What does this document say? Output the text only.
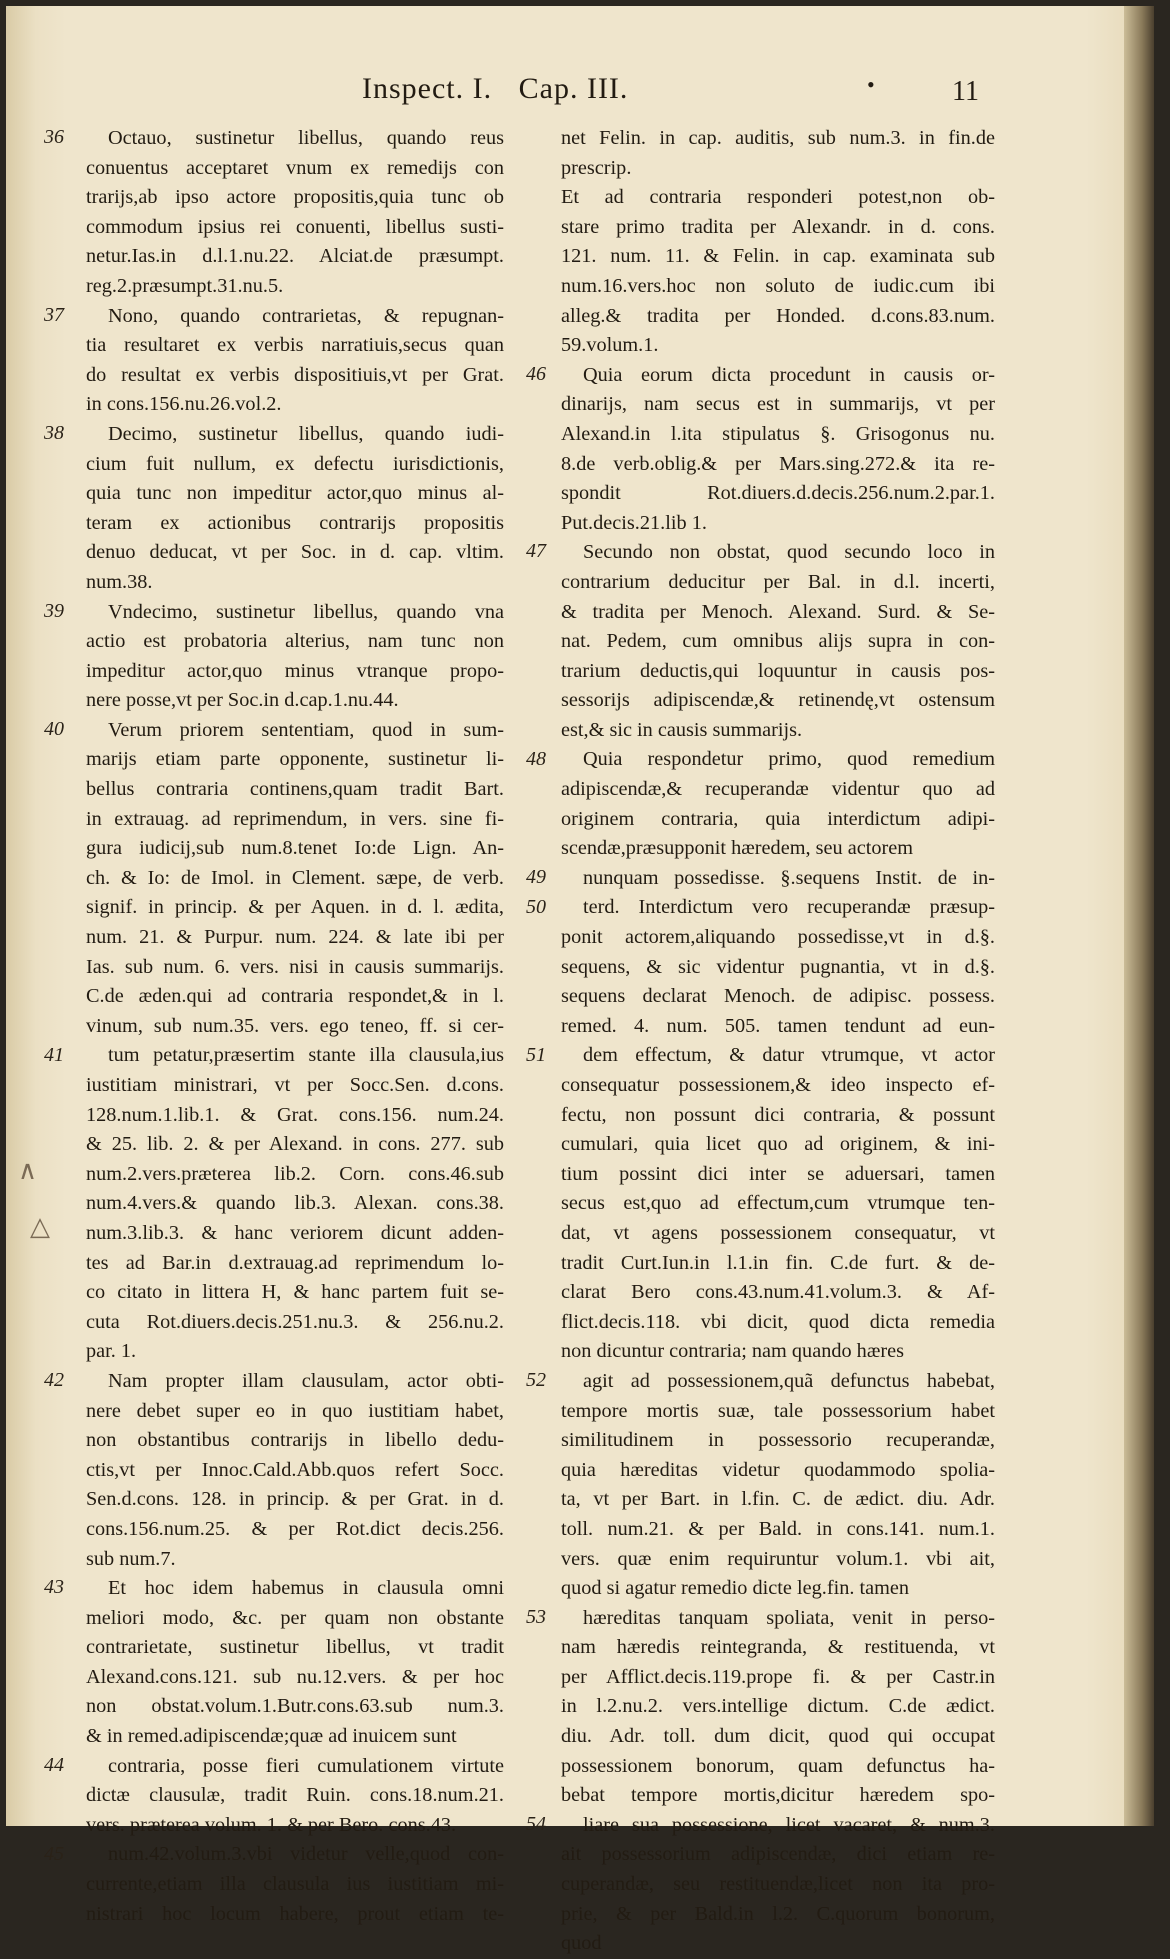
Inspect. I. Cap. III.	•	11
Octauo, sustinetur libellus, quando reus
conuentus acceptaret vnum ex remedijs con
trarijs,ab ipso actore propositis,quia tunc ob
commodum ipsius rei conuenti, libellus susti-
netur.Ias.in d.l.1.nu.22. Alciat.de præsumpt.
reg.2.præsumpt.31.nu.5.
Nono, quando contrarietas, & repugnan-
tia resultaret ex verbis narratiuis,secus quan
do resultat ex verbis dispositiuis,vt per Grat.
in cons.156.nu.26.vol.2.
Decimo, sustinetur libellus, quando iudi-
cium fuit nullum, ex defectu iurisdictionis,
quia tunc non impeditur actor,quo minus al-
teram ex actionibus contrarijs propositis
denuo deducat, vt per Soc. in d. cap. vltim.
num.38.
Vndecimo, sustinetur libellus, quando vna
actio est probatoria alterius, nam tunc non
impeditur actor,quo minus vtranque propo-
nere posse,vt per Soc.in d.cap.1.nu.44.
Verum priorem sententiam, quod in sum-
marijs etiam parte opponente, sustinetur li-
bellus contraria continens,quam tradit Bart.
in extrauag. ad reprimendum, in vers. sine fi-
gura iudicij,sub num.8.tenet Io:de Lign. An-
ch. & Io: de Imol. in Clement. sæpe, de verb.
signif. in princip. & per Aquen. in d. l. ædita,
num. 21. & Purpur. num. 224. & late ibi per
Ias. sub num. 6. vers. nisi in causis summarijs.
C.de æden.qui ad contraria respondet,& in l.
vinum, sub num.35. vers. ego teneo, ff. si cer-
tum petatur,præsertim stante illa clausula,ius
iustitiam ministrari, vt per Socc.Sen. d.cons.
128.num.1.lib.1. & Grat. cons.156. num.24.
& 25. lib. 2. & per Alexand. in cons. 277. sub
num.2.vers.præterea lib.2. Corn. cons.46.sub
num.4.vers.& quando lib.3. Alexan. cons.38.
num.3.lib.3. & hanc veriorem dicunt adden-
tes ad Bar.in d.extrauag.ad reprimendum lo-
co citato in littera H, & hanc partem fuit se-
cuta Rot.diuers.decis.251.nu.3. & 256.nu.2.
par. 1.
Nam propter illam clausulam, actor obti-
nere debet super eo in quo iustitiam habet,
non obstantibus contrarijs in libello dedu-
ctis,vt per Innoc.Cald.Abb.quos refert Socc.
Sen.d.cons. 128. in princip. & per Grat. in d.
cons.156.num.25. & per Rot.dict decis.256.
sub num.7.
Et hoc idem habemus in clausula omni
meliori modo, &c. per quam non obstante
contrarietate, sustinetur libellus, vt tradit
Alexand.cons.121. sub nu.12.vers. & per hoc
non obstat.volum.1.Butr.cons.63.sub num.3.
& in remed.adipiscendæ;quæ ad inuicem sunt
contraria, posse fieri cumulationem virtute
dictæ clausulæ, tradit Ruin. cons.18.num.21.
vers. præterea volum. 1. & per Bero. cons.43.
num.42.volum.3.vbi videtur velle,quod con-
currente,etiam illa clausula ius iustitiam mi-
nistrari hoc locum habere, prout etiam te-
net Felin. in cap. auditis, sub num.3. in fin.de
prescrip.
Et ad contraria responderi potest,non ob-
stare primo tradita per Alexandr. in d. cons.
121. num. 11. & Felin. in cap. examinata sub
num.16.vers.hoc non soluto de iudic.cum ibi
alleg.& tradita per Honded. d.cons.83.num.
59.volum.1.
Quia eorum dicta procedunt in causis or-
dinarijs, nam secus est in summarijs, vt per
Alexand.in l.ita stipulatus §. Grisogonus nu.
8.de verb.oblig.& per Mars.sing.272.& ita re-
spondit Rot.diuers.d.decis.256.num.2.par.1.
Put.decis.21.lib 1.
Secundo non obstat, quod secundo loco in
contrarium deducitur per Bal. in d.l. incerti,
& tradita per Menoch. Alexand. Surd. & Se-
nat. Pedem, cum omnibus alijs supra in con-
trarium deductis,qui loquuntur in causis pos-
sessorijs adipiscendæ,& retinendę,vt ostensum
est,& sic in causis summarijs.
Quia respondetur primo, quod remedium
adipiscendæ,& recuperandæ videntur quo ad
originem contraria, quia interdictum adipi-
scendæ,præsupponit hæredem, seu actorem
nunquam possedisse. §.sequens Instit. de in-
terd. Interdictum vero recuperandæ præsup-
ponit actorem,aliquando possedisse,vt in d.§.
sequens, & sic videntur pugnantia, vt in d.§.
sequens declarat Menoch. de adipisc. possess.
remed. 4. num. 505. tamen tendunt ad eun-
dem effectum, & datur vtrumque, vt actor
consequatur possessionem,& ideo inspecto ef-
fectu, non possunt dici contraria, & possunt
cumulari, quia licet quo ad originem, & ini-
tium possint dici inter se aduersari, tamen
secus est,quo ad effectum,cum vtrumque ten-
dat, vt agens possessionem consequatur, vt
tradit Curt.Iun.in l.1.in fin. C.de furt. & de-
clarat Bero cons.43.num.41.volum.3. & Af-
flict.decis.118. vbi dicit, quod dicta remedia
non dicuntur contraria; nam quando hæres
agit ad possessionem,quã defunctus habebat,
tempore mortis suæ, tale possessorium habet
similitudinem in possessorio recuperandæ,
quia hæreditas videtur quodammodo spolia-
ta, vt per Bart. in l.fin. C. de ædict. diu. Adr.
toll. num.21. & per Bald. in cons.141. num.1.
vers. quæ enim requiruntur volum.1. vbi ait,
quod si agatur remedio dicte leg.fin. tamen
hæreditas tanquam spoliata, venit in perso-
nam hæredis reintegranda, & restituenda, vt
per Afflict.decis.119.prope fi. & per Castr.in
in l.2.nu.2. vers.intellige dictum. C.de ædict.
diu. Adr. toll. dum dicit, quod qui occupat
possessionem bonorum, quam defunctus ha-
bebat tempore mortis,dicitur hæredem spo-
liare sua possessione, licet vacaret, & num.3.
ait possessorium adipiscendæ, dici etiam re-
cuperandæ, seu restituendæ,licet non ita pro-
prie, & per Bald.in l.2. C.quorum bonorum,
quod
36
37
38
39
40
41
42
43
44
45
46
47
48
49
50
51
52
53
54
∧
△
